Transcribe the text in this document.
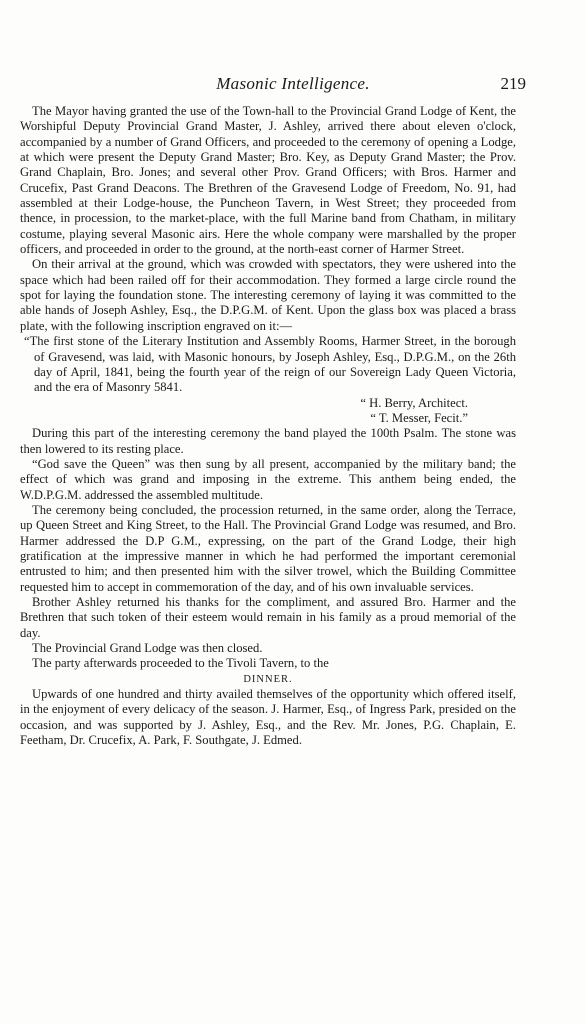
Masonic Intelligence.	219

The Mayor having granted the use of the Town-hall to the Provincial Grand Lodge of Kent, the Worshipful Deputy Provincial Grand Master, J. Ashley, arrived there about eleven o'clock, accompanied by a number of Grand Officers, and proceeded to the ceremony of opening a Lodge, at which were present the Deputy Grand Master; Bro. Key, as Deputy Grand Master; the Prov. Grand Chaplain, Bro. Jones; and several other Prov. Grand Officers; with Bros. Harmer and Crucefix, Past Grand Deacons. The Brethren of the Gravesend Lodge of Freedom, No. 91, had assembled at their Lodge-house, the Puncheon Tavern, in West Street; they proceeded from thence, in procession, to the market-place, with the full Marine band from Chatham, in military costume, playing several Masonic airs. Here the whole company were marshalled by the proper officers, and proceeded in order to the ground, at the north-east corner of Harmer Street.

On their arrival at the ground, which was crowded with spectators, they were ushered into the space which had been railed off for their accommodation. They formed a large circle round the spot for laying the foundation stone. The interesting ceremony of laying it was committed to the able hands of Joseph Ashley, Esq., the D.P.G.M. of Kent. Upon the glass box was placed a brass plate, with the following inscription engraved on it:—

“The first stone of the Literary Institution and Assembly Rooms, Harmer Street, in the borough of Gravesend, was laid, with Masonic honours, by Joseph Ashley, Esq., D.P.G.M., on the 26th day of April, 1841, being the fourth year of the reign of our Sovereign Lady Queen Victoria, and the era of Masonry 5841.

“ H. Berry, Architect.

“ T. Messer, Fecit.”

During this part of the interesting ceremony the band played the 100th Psalm. The stone was then lowered to its resting place.

“God save the Queen” was then sung by all present, accompanied by the military band; the effect of which was grand and imposing in the extreme. This anthem being ended, the W.D.P.G.M. addressed the assembled multitude.

The ceremony being concluded, the procession returned, in the same order, along the Terrace, up Queen Street and King Street, to the Hall. The Provincial Grand Lodge was resumed, and Bro. Harmer addressed the D.P G.M., expressing, on the part of the Grand Lodge, their high gratification at the impressive manner in which he had performed the important ceremonial entrusted to him; and then presented him with the silver trowel, which the Building Committee requested him to accept in commemoration of the day, and of his own invaluable services.

Brother Ashley returned his thanks for the compliment, and assured Bro. Harmer and the Brethren that such token of their esteem would remain in his family as a proud memorial of the day.

The Provincial Grand Lodge was then closed.

The party afterwards proceeded to the Tivoli Tavern, to the

DINNER.

Upwards of one hundred and thirty availed themselves of the opportunity which offered itself, in the enjoyment of every delicacy of the season. J. Harmer, Esq., of Ingress Park, presided on the occasion, and was supported by J. Ashley, Esq., and the Rev. Mr. Jones, P.G. Chaplain, E. Feetham, Dr. Crucefix, A. Park, F. Southgate, J. Edmed.
